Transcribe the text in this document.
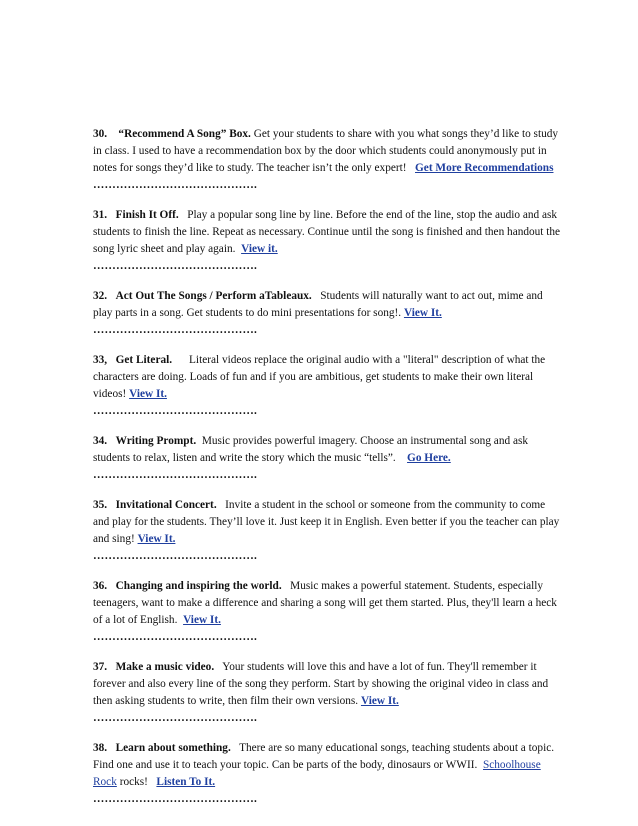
30. “Recommend A Song” Box. Get your students to share with you what songs they’d like to study in class. I used to have a recommendation box by the door which students could anonymously put in notes for songs they’d like to study. The teacher isn’t the only expert! Get More Recommendations

…………………………………….

31. Finish It Off. Play a popular song line by line. Before the end of the line, stop the audio and ask students to finish the line. Repeat as necessary. Continue until the song is finished and then handout the song lyric sheet and play again. View it.

…………………………………….

32. Act Out The Songs / Perform aTableaux. Students will naturally want to act out, mime and play parts in a song. Get students to do mini presentations for song!. View It.

…………………………………….

33, Get Literal. Literal videos replace the original audio with a "literal" description of what the characters are doing. Loads of fun and if you are ambitious, get students to make their own literal videos! View It.

…………………………………….

34. Writing Prompt. Music provides powerful imagery. Choose an instrumental song and ask students to relax, listen and write the story which the music “tells”. Go Here.

…………………………………….

35. Invitational Concert. Invite a student in the school or someone from the community to come and play for the students. They’ll love it. Just keep it in English. Even better if you the teacher can play and sing! View It.

…………………………………….

36. Changing and inspiring the world. Music makes a powerful statement. Students, especially teenagers, want to make a difference and sharing a song will get them started. Plus, they'll learn a heck of a lot of English. View It.

…………………………………….

37. Make a music video. Your students will love this and have a lot of fun. They'll remember it forever and also every line of the song they perform. Start by showing the original video in class and then asking students to write, then film their own versions. View It.

…………………………………….

38. Learn about something. There are so many educational songs, teaching students about a topic. Find one and use it to teach your topic. Can be parts of the body, dinosaurs or WWII. Schoolhouse Rock rocks! Listen To It.

…………………………………….
